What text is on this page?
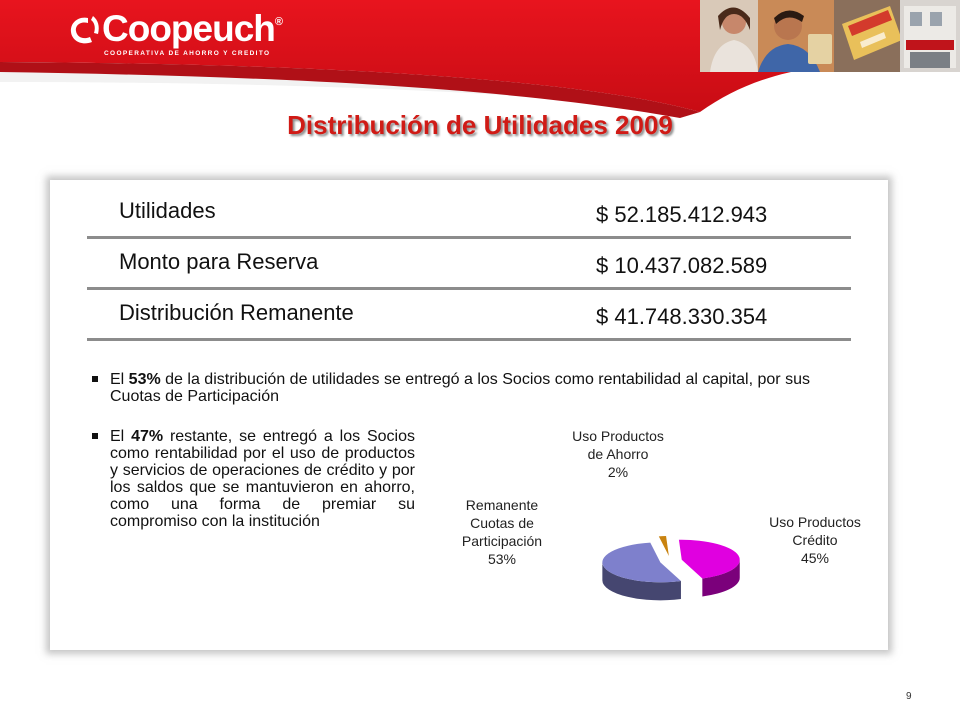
Coopeuch®
COOPERATIVA DE AHORRO Y CREDITO
Distribución de Utilidades 2009
Utilidades	$ 52.185.412.943
Monto para Reserva	$ 10.437.082.589
Distribución Remanente	$ 41.748.330.354
El 53% de la distribución de utilidades se entregó a los Socios como rentabilidad al capital, por sus Cuotas de Participación
El 47% restante, se entregó a los Socios como rentabilidad por el uso de productos y servicios de operaciones de crédito y por los saldos que se mantuvieron en ahorro, como una forma de premiar su compromiso con la institución
Uso Productos
de Ahorro
2%
Uso Productos
Crédito
45%
Remanente
Cuotas de
Participación
53%
9
